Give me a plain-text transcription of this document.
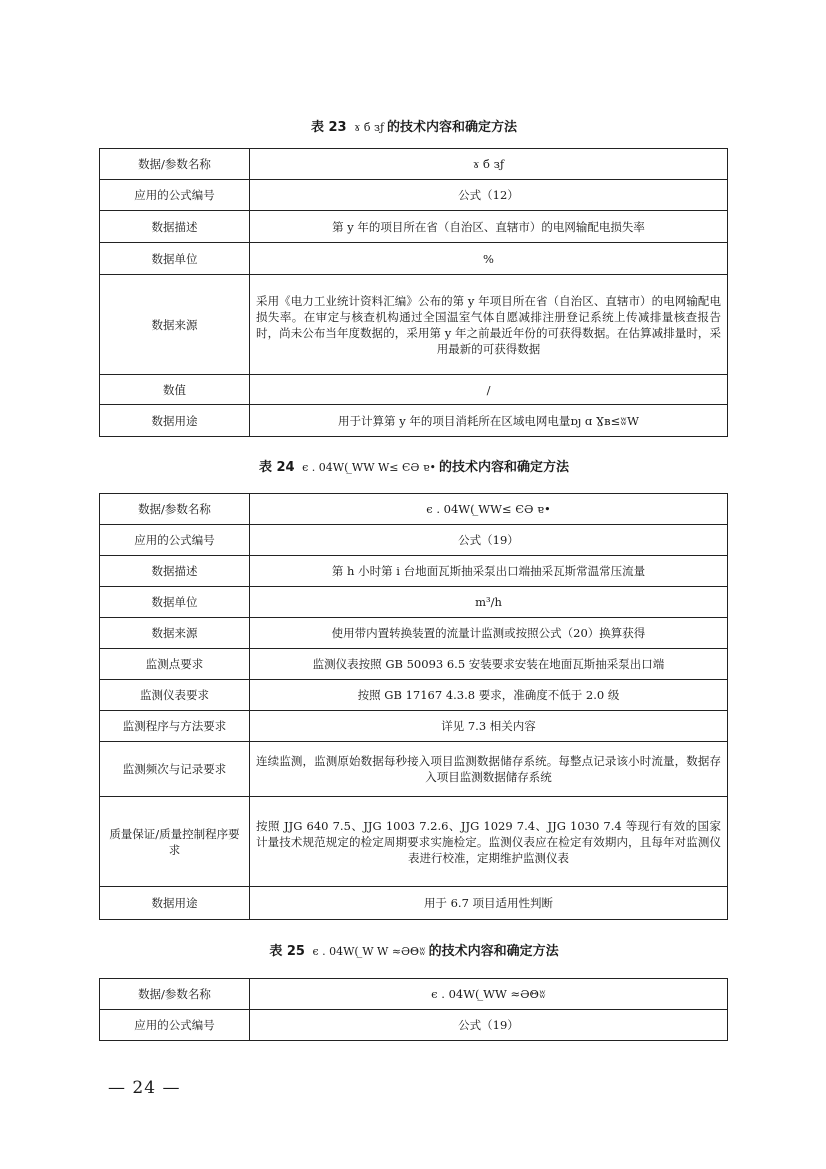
表 23 ɤ б зƒ 的技术内容和确定方法
数据/参数名称	ɤ б зƒ
应用的公式编号	公式（12）
数据描述	第 y 年的项目所在省（自治区、直辖市）的电网输配电损失率
数据单位	%
数据来源	采用《电力工业统计资料汇编》公布的第 y 年项目所在省（自治区、直辖市）的电网输配电损失率。在审定与核查机构通过全国温室气体自愿减排注册登记系统上传减排量核查报告时，尚未公布当年度数据的，采用第 y 年之前最近年份的可获得数据。在估算减排量时，采用最新的可获得数据
数值	/
数据用途	用于计算第 y 年的项目消耗所在区域电网电量ɒȷ ɑ Ɣʙ≤ʬW
表 24 є . 04W( ̲WW W≤ ЄƏ ɐ• 的技术内容和确定方法
数据/参数名称	є . 04W( ̲WW≤ ЄƏ ɐ•
应用的公式编号	公式（19）
数据描述	第 h 小时第 i 台地面瓦斯抽采泵出口端抽采瓦斯常温常压流量
数据单位	m³/h
数据来源	使用带内置转换装置的流量计监测或按照公式（20）换算获得
监测点要求	监测仪表按照 GB 50093 6.5 安装要求安装在地面瓦斯抽采泵出口端
监测仪表要求	按照 GB 17167 4.3.8 要求，准确度不低于 2.0 级
监测程序与方法要求	详见 7.3 相关内容
监测频次与记录要求	连续监测，监测原始数据每秒接入项目监测数据储存系统。每整点记录该小时流量，数据存入项目监测数据储存系统
质量保证/质量控制程序要求	按照 JJG 640 7.5、JJG 1003 7.2.6、JJG 1029 7.4、JJG 1030 7.4 等现行有效的国家计量技术规范规定的检定周期要求实施检定。监测仪表应在检定有效期内，且每年对监测仪表进行校准，定期维护监测仪表
数据用途	用于 6.7 项目适用性判断
表 25 є . 04W( ̲W W ≈ƏΘʬ 的技术内容和确定方法
数据/参数名称	є . 04W( ̲WW ≈ƏΘʬ
应用的公式编号	公式（19）
— 24 —
